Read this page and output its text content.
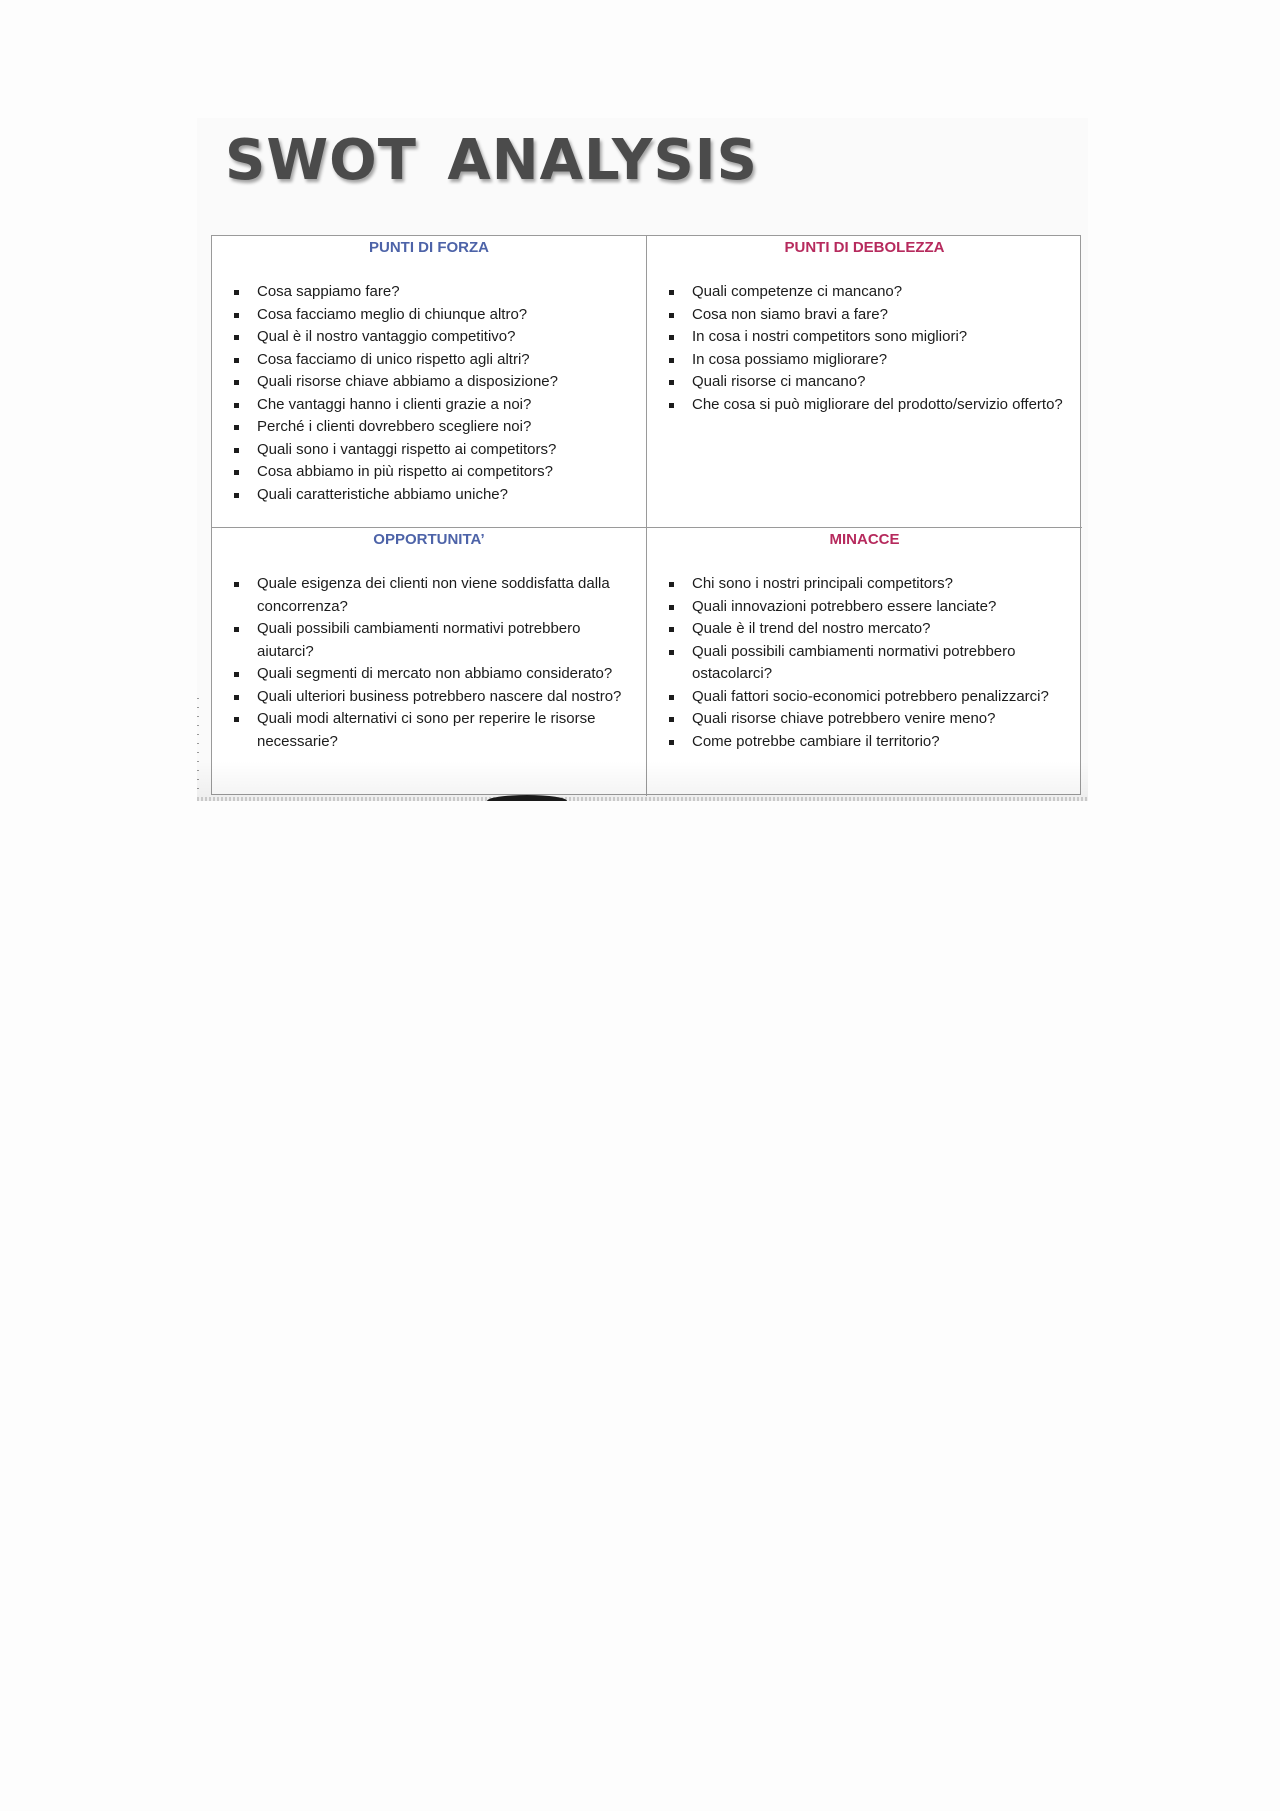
SWOT ANALYSIS
PUNTI DI FORZA
Cosa sappiamo fare?
Cosa facciamo meglio di chiunque altro?
Qual è il nostro vantaggio competitivo?
Cosa facciamo di unico rispetto agli altri?
Quali risorse chiave abbiamo a disposizione?
Che vantaggi hanno i clienti grazie a noi?
Perché i clienti dovrebbero scegliere noi?
Quali sono i vantaggi rispetto ai competitors?
Cosa abbiamo in più rispetto ai competitors?
Quali caratteristiche abbiamo uniche?
PUNTI DI DEBOLEZZA
Quali competenze ci mancano?
Cosa non siamo bravi a fare?
In cosa i nostri competitors sono migliori?
In cosa possiamo migliorare?
Quali risorse ci mancano?
Che cosa si può migliorare del prodotto/servizio offerto?
OPPORTUNITA’
Quale esigenza dei clienti non viene soddisfatta dalla concorrenza?
Quali possibili cambiamenti normativi potrebbero aiutarci?
Quali segmenti di mercato non abbiamo considerato?
Quali ulteriori business potrebbero nascere dal nostro?
Quali modi alternativi ci sono per reperire le risorse necessarie?
MINACCE
Chi sono i nostri principali competitors?
Quali innovazioni potrebbero essere lanciate?
Quale è il trend del nostro mercato?
Quali possibili cambiamenti normativi potrebbero ostacolarci?
Quali fattori socio-economici potrebbero penalizzarci?
Quali risorse chiave potrebbero venire meno?
Come potrebbe cambiare il territorio?
